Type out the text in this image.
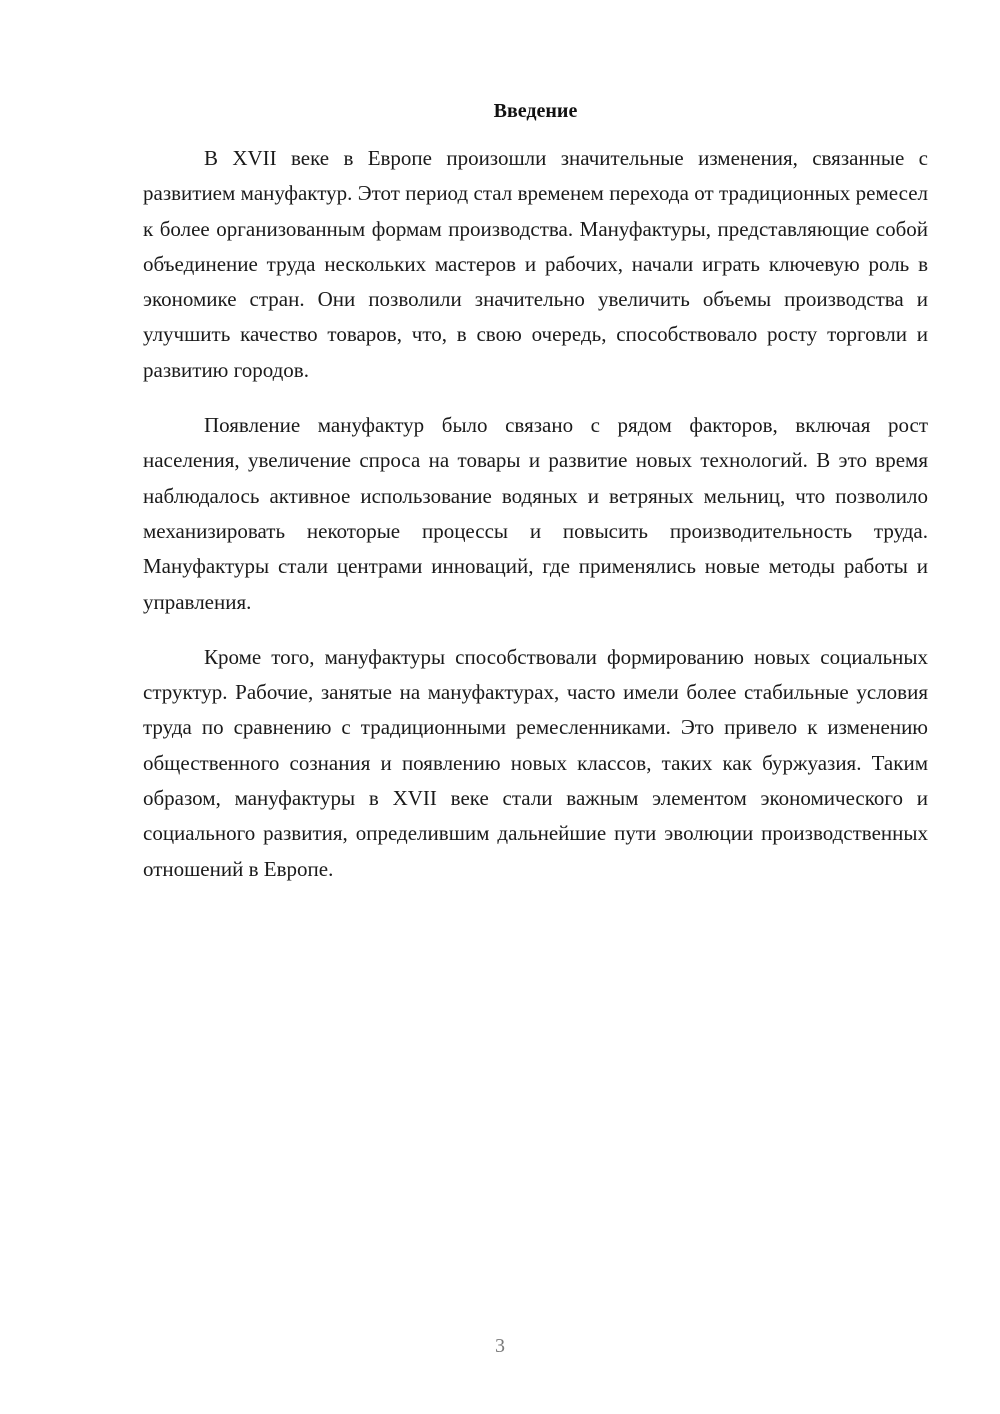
Введение

В XVII веке в Европе произошли значительные изменения, связанные с развитием мануфактур. Этот период стал временем перехода от традиционных ремесел к более организованным формам производства. Мануфактуры, представляющие собой объединение труда нескольких мастеров и рабочих, начали играть ключевую роль в экономике стран. Они позволили значительно увеличить объемы производства и улучшить качество товаров, что, в свою очередь, способствовало росту торговли и развитию городов.

Появление мануфактур было связано с рядом факторов, включая рост населения, увеличение спроса на товары и развитие новых технологий. В это время наблюдалось активное использование водяных и ветряных мельниц, что позволило механизировать некоторые процессы и повысить производительность труда. Мануфактуры стали центрами инноваций, где применялись новые методы работы и управления.

Кроме того, мануфактуры способствовали формированию новых социальных структур. Рабочие, занятые на мануфактурах, часто имели более стабильные условия труда по сравнению с традиционными ремесленниками. Это привело к изменению общественного сознания и появлению новых классов, таких как буржуазия. Таким образом, мануфактуры в XVII веке стали важным элементом экономического и социального развития, определившим дальнейшие пути эволюции производственных отношений в Европе.

3
